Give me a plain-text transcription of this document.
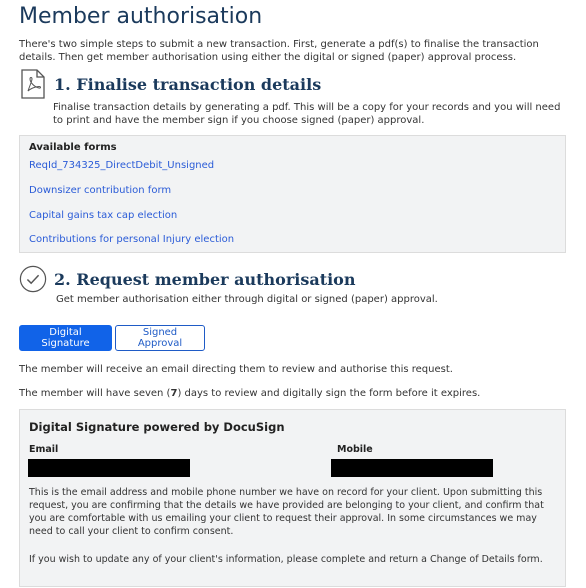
Member authorisation
There's two simple steps to submit a new transaction. First, generate a pdf(s) to finalise the transaction details. Then get member authorisation using either the digital or signed (paper) approval process.
1. Finalise transaction details
Finalise transaction details by generating a pdf. This will be a copy for your records and you will need to print and have the member sign if you choose signed (paper) approval.
Available forms
ReqId_734325_DirectDebit_Unsigned
Downsizer contribution form
Capital gains tax cap election
Contributions for personal Injury election
2. Request member authorisation
Get member authorisation either through digital or signed (paper) approval.
Digital Signature
Signed Approval
The member will receive an email directing them to review and authorise this request.
The member will have seven (7) days to review and digitally sign the form before it expires.
Digital Signature powered by DocuSign
Email	Mobile
This is the email address and mobile phone number we have on record for your client. Upon submitting this request, you are confirming that the details we have provided are belonging to your client, and confirm that you are comfortable with us emailing your client to request their approval. In some circumstances we may need to call your client to confirm consent.
If you wish to update any of your client's information, please complete and return a Change of Details form.
